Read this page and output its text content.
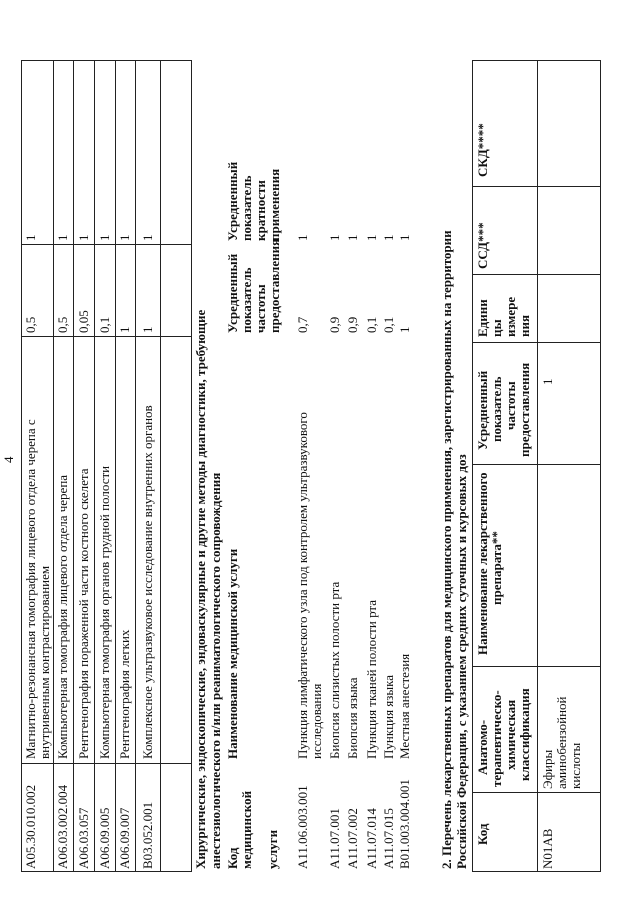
4
A05.30.010.002
Магнитно-резонансная томография лицевого отдела черепа с внутривенным контрастированием
0,5
1
A06.03.002.004
Компьютерная томография лицевого отдела черепа
0,5
1
A06.03.057
Рентгенография пораженной части костного скелета
0,05
1
A06.09.005
Компьютерная томография органов грудной полости
0,1
1
A06.09.007
Рентгенография легких
1
1
B03.052.001
Комплексное ультразвуковое исследование внутренних органов
1
1
Хирургические, эндоскопические, эндоваскулярные и другие методы диагностики, требующие анестезиологического и/или реаниматологического сопровождения Код медицинской услуги
Наименование медицинской услуги
Усредненный показатель частоты предоставления
Усредненный показатель кратности применения
A11.06.003.001
Пункция лимфатического узла под контролем ультразвукового исследования
0,7
1
A11.07.001
Биопсия слизистых полости рта
0,9
1
A11.07.002
Биопсия языка
0,9
1
A11.07.014
Пункция тканей полости рта
0,1
1
A11.07.015
Пункция языка
0,1
1
B01.003.004.001
Местная анестезия
1
1 2. Перечень лекарственных препаратов для медицинского применения, зарегистрированных на территории Российской Федерации, с указанием средних суточных и курсовых доз Код
Анатомо- терапевтическо- химическая классификация
Наименование лекарственного препарата**
Усредненный показатель частоты предоставления
Едини цы измере ния
ССД***
СКД****
N01AB
Эфиры аминобензойной кислоты
1
